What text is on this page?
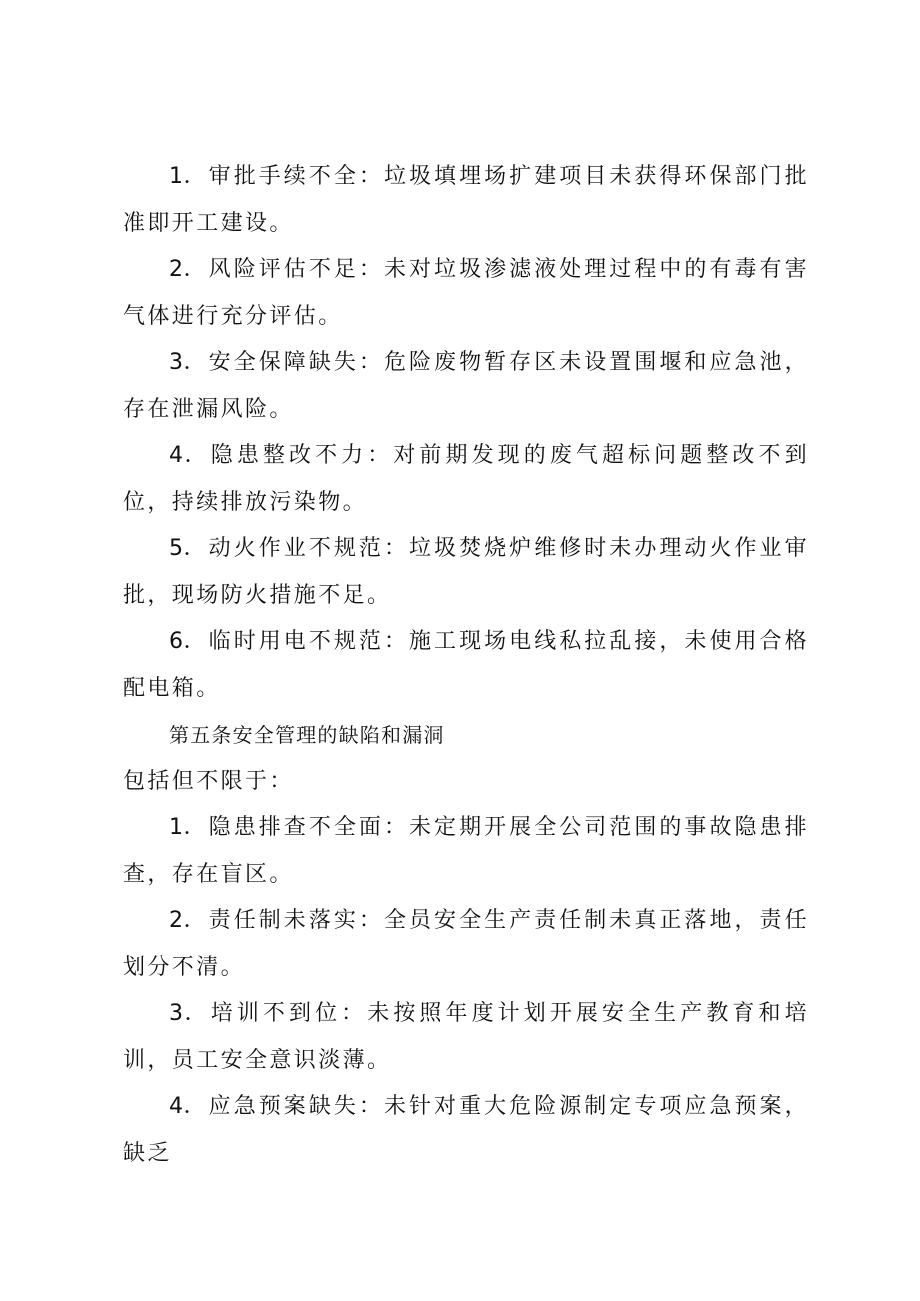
1．审批手续不全：垃圾填埋场扩建项目未获得环保部门批准即开工建设。

2．风险评估不足：未对垃圾渗滤液处理过程中的有毒有害气体进行充分评估。

3．安全保障缺失：危险废物暂存区未设置围堰和应急池，存在泄漏风险。

4．隐患整改不力：对前期发现的废气超标问题整改不到位，持续排放污染物。

5．动火作业不规范：垃圾焚烧炉维修时未办理动火作业审批，现场防火措施不足。

6．临时用电不规范：施工现场电线私拉乱接，未使用合格配电箱。

第五条安全管理的缺陷和漏洞

包括但不限于：

1．隐患排查不全面：未定期开展全公司范围的事故隐患排查，存在盲区。

2．责任制未落实：全员安全生产责任制未真正落地，责任划分不清。

3．培训不到位：未按照年度计划开展安全生产教育和培训，员工安全意识淡薄。

4．应急预案缺失：未针对重大危险源制定专项应急预案，缺乏
